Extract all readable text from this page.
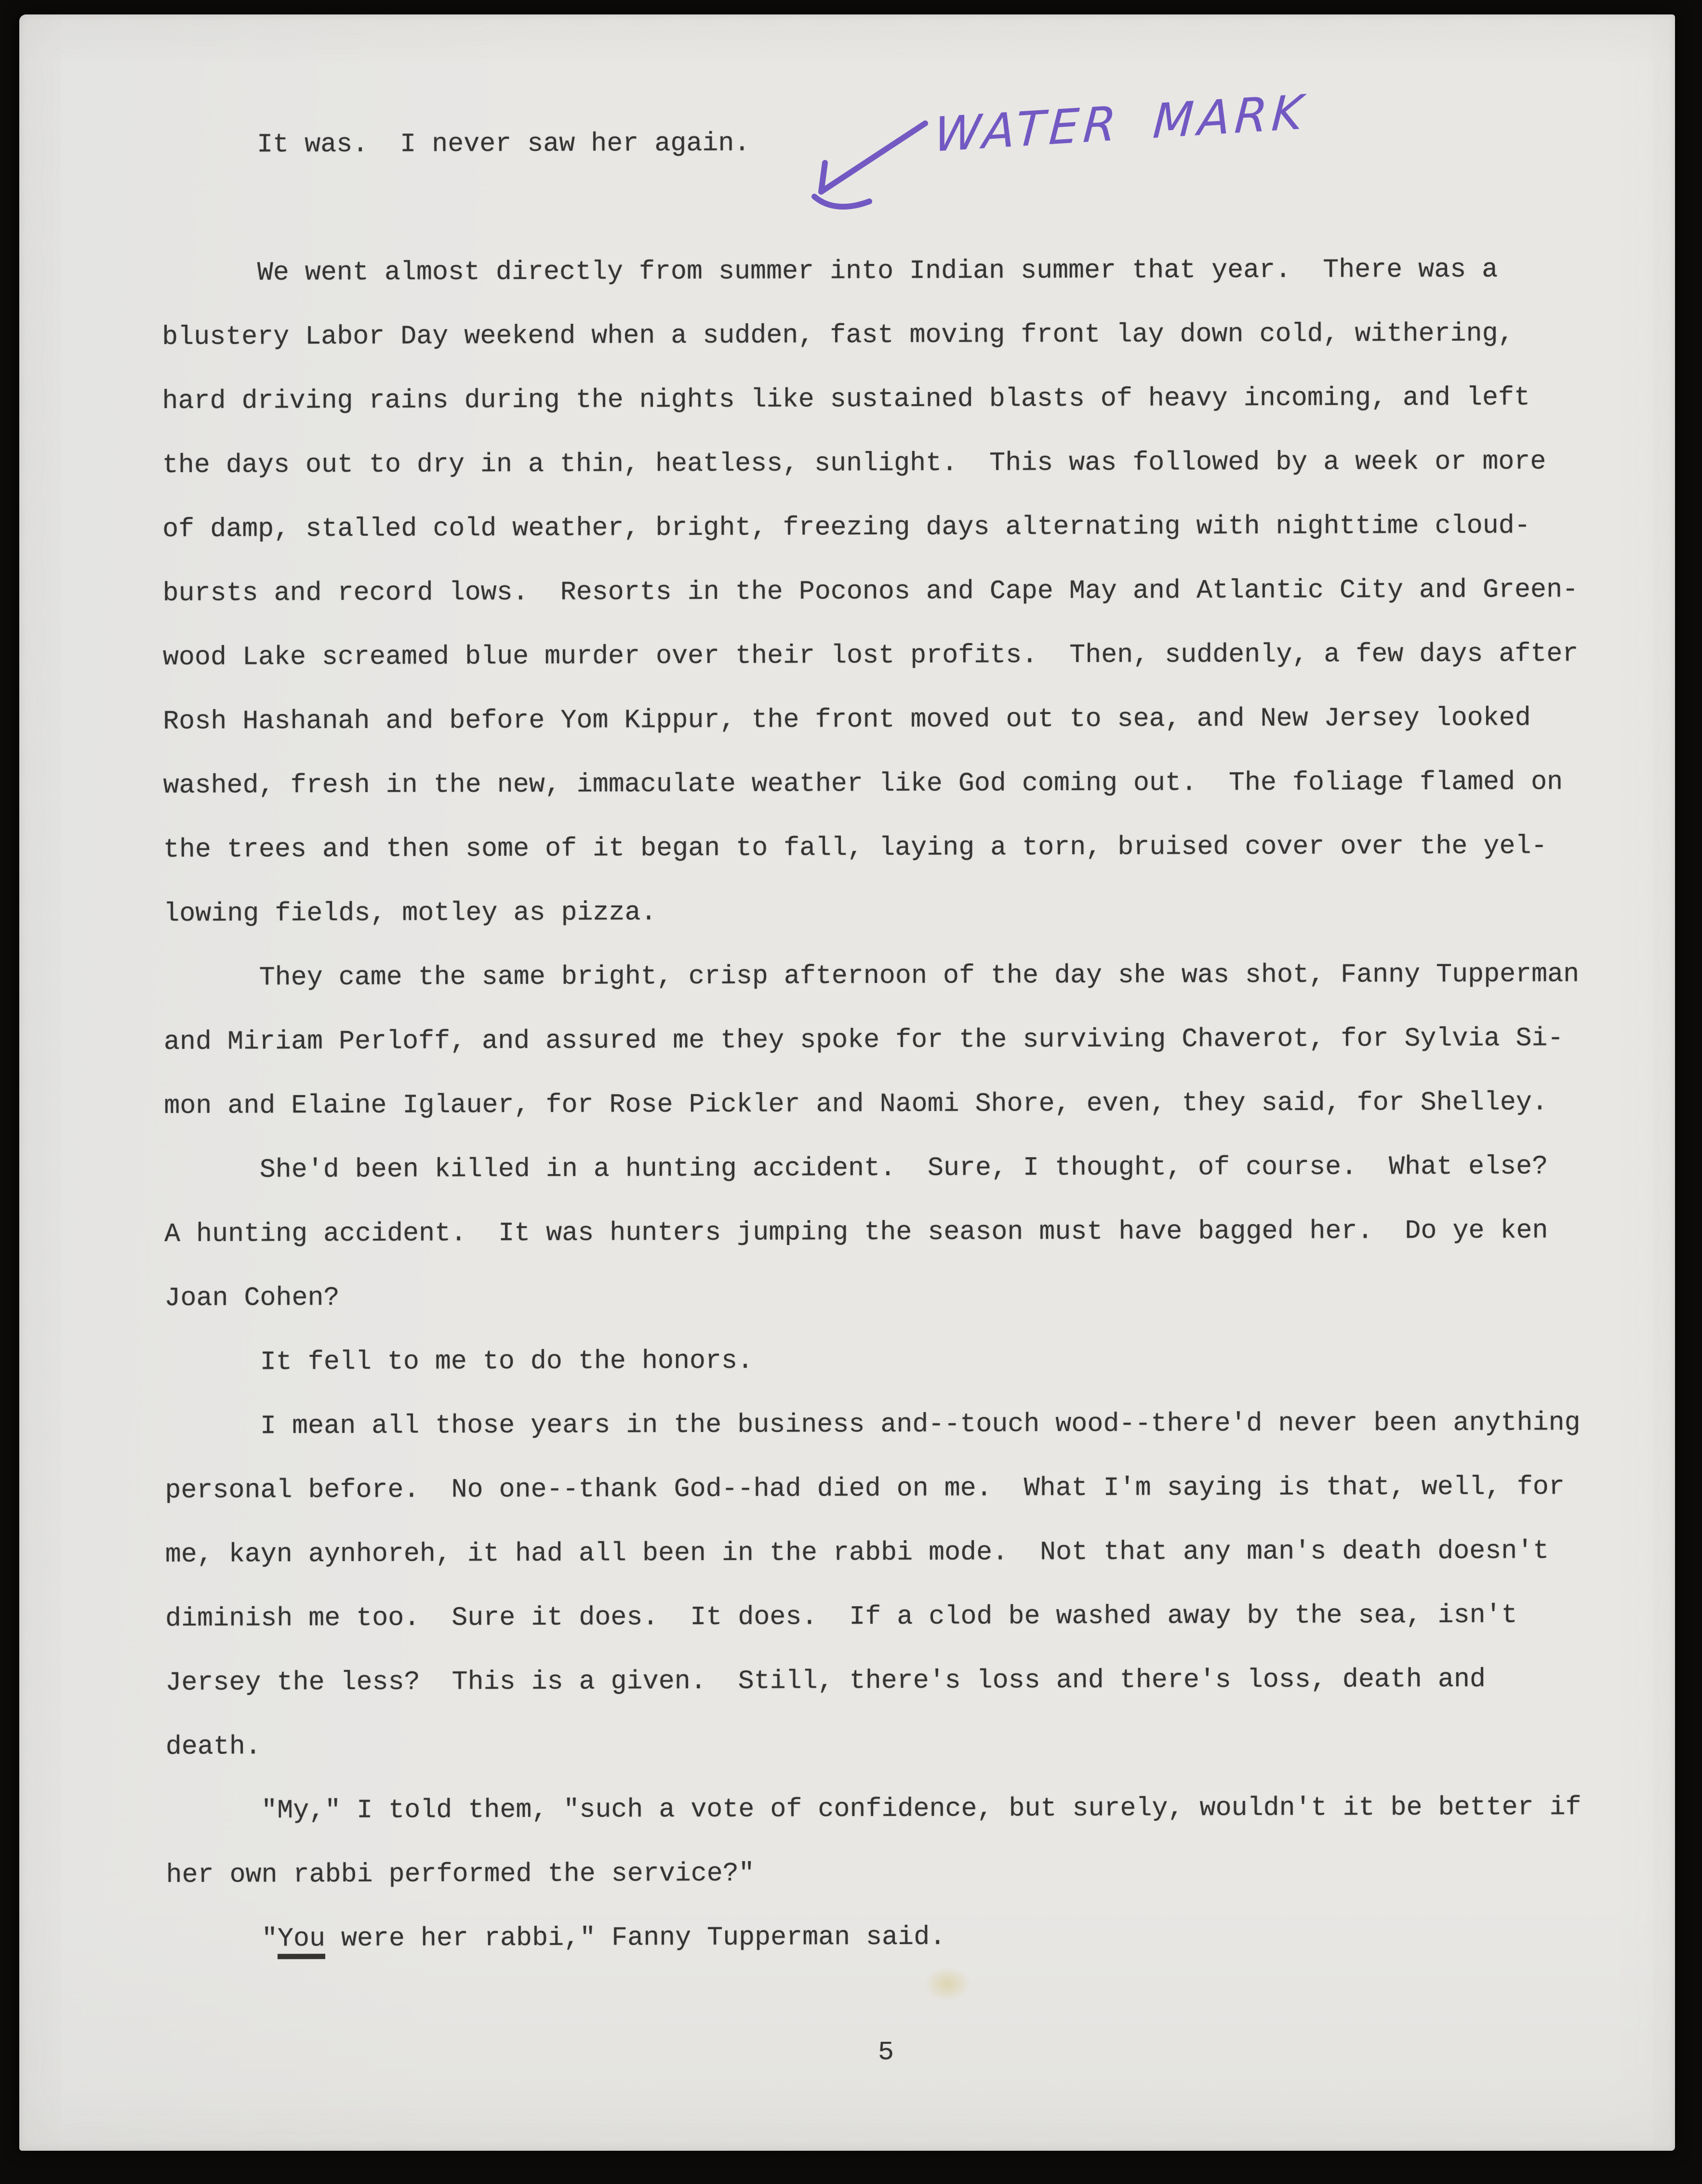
It was.  I never saw her again.
We went almost directly from summer into Indian summer that year.  There was a
blustery Labor Day weekend when a sudden, fast moving front lay down cold, withering,
hard driving rains during the nights like sustained blasts of heavy incoming, and left
the days out to dry in a thin, heatless, sunlight.  This was followed by a week or more
of damp, stalled cold weather, bright, freezing days alternating with nighttime cloud-
bursts and record lows.  Resorts in the Poconos and Cape May and Atlantic City and Green-
wood Lake screamed blue murder over their lost profits.  Then, suddenly, a few days after
Rosh Hashanah and before Yom Kippur, the front moved out to sea, and New Jersey looked
washed, fresh in the new, immaculate weather like God coming out.  The foliage flamed on
the trees and then some of it began to fall, laying a torn, bruised cover over the yel-
lowing fields, motley as pizza.
They came the same bright, crisp afternoon of the day she was shot, Fanny Tupperman
and Miriam Perloff, and assured me they spoke for the surviving Chaverot, for Sylvia Si-
mon and Elaine Iglauer, for Rose Pickler and Naomi Shore, even, they said, for Shelley.
She'd been killed in a hunting accident.  Sure, I thought, of course.  What else?
A hunting accident.  It was hunters jumping the season must have bagged her.  Do ye ken
Joan Cohen?
It fell to me to do the honors.
I mean all those years in the business and--touch wood--there'd never been anything
personal before.  No one--thank God--had died on me.  What I'm saying is that, well, for
me, kayn aynhoreh, it had all been in the rabbi mode.  Not that any man's death doesn't
diminish me too.  Sure it does.  It does.  If a clod be washed away by the sea, isn't
Jersey the less?  This is a given.  Still, there's loss and there's loss, death and
death.
"My," I told them, "such a vote of confidence, but surely, wouldn't it be better if
her own rabbi performed the service?"
"You were her rabbi," Fanny Tupperman said.
WATER MARK
5
